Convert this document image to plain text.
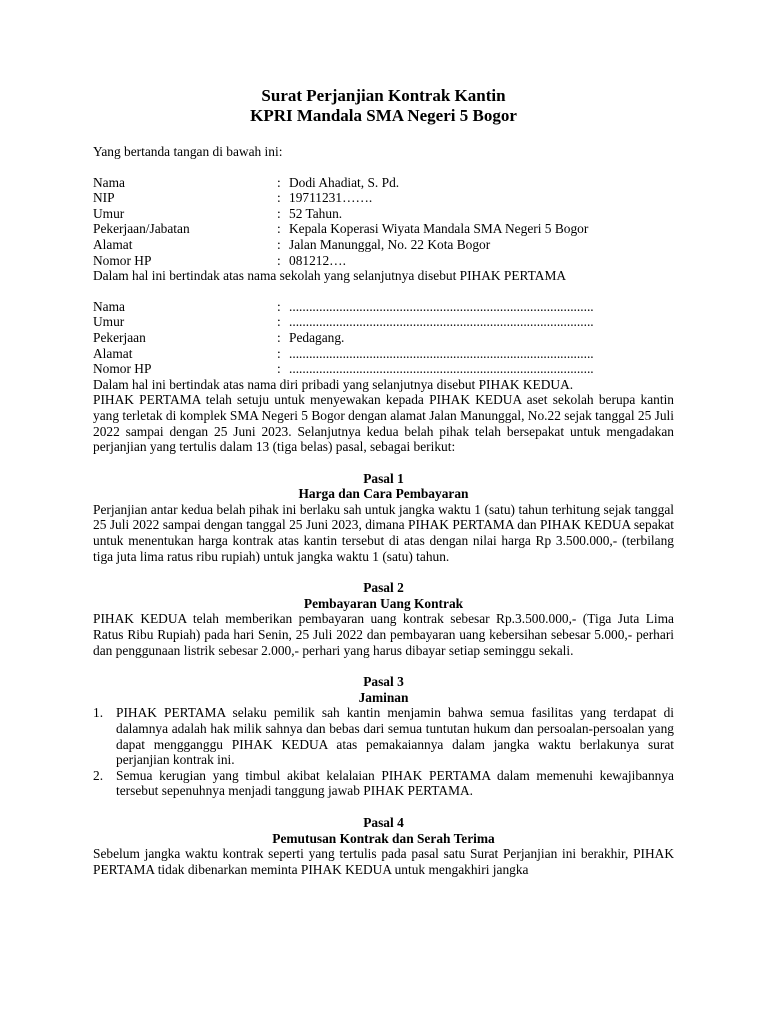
Surat Perjanjian Kontrak Kantin
KPRI Mandala SMA Negeri 5 Bogor
Yang bertanda tangan di bawah ini:
Nama	: Dodi Ahadiat, S. Pd.
NIP	: 19711231…….
Umur	: 52 Tahun.
Pekerjaan/Jabatan	: Kepala Koperasi Wiyata Mandala SMA Negeri 5 Bogor
Alamat	: Jalan Manunggal, No. 22 Kota Bogor
Nomor HP	: 081212….
Dalam hal ini bertindak atas nama sekolah yang selanjutnya disebut PIHAK PERTAMA
Nama	: ...........................................................................................
Umur	: ...........................................................................................
Pekerjaan	: Pedagang.
Alamat	: ...........................................................................................
Nomor HP	: ...........................................................................................
Dalam hal ini bertindak atas nama diri pribadi yang selanjutnya disebut PIHAK KEDUA.
PIHAK PERTAMA telah setuju untuk menyewakan kepada PIHAK KEDUA aset sekolah berupa kantin yang terletak di komplek SMA Negeri 5 Bogor dengan alamat Jalan Manunggal, No.22 sejak tanggal 25 Juli 2022 sampai dengan 25 Juni 2023. Selanjutnya kedua belah pihak telah bersepakat untuk mengadakan perjanjian yang tertulis dalam 13 (tiga belas) pasal, sebagai berikut:
Pasal 1
Harga dan Cara Pembayaran
Perjanjian antar kedua belah pihak ini berlaku sah untuk jangka waktu 1 (satu) tahun terhitung sejak tanggal 25 Juli 2022 sampai dengan tanggal 25 Juni 2023, dimana PIHAK PERTAMA dan PIHAK KEDUA sepakat untuk menentukan harga kontrak atas kantin tersebut di atas dengan nilai harga Rp 3.500.000,- (terbilang tiga juta lima ratus ribu rupiah) untuk jangka waktu 1 (satu) tahun.
Pasal 2
Pembayaran Uang Kontrak
PIHAK KEDUA telah memberikan pembayaran uang kontrak sebesar Rp.3.500.000,- (Tiga Juta Lima Ratus Ribu Rupiah) pada hari Senin, 25 Juli 2022 dan pembayaran uang kebersihan sebesar 5.000,- perhari dan penggunaan listrik sebesar 2.000,- perhari yang harus dibayar setiap seminggu sekali.
Pasal 3
Jaminan
1. PIHAK PERTAMA selaku pemilik sah kantin menjamin bahwa semua fasilitas yang terdapat di dalamnya adalah hak milik sahnya dan bebas dari semua tuntutan hukum dan persoalan-persoalan yang dapat mengganggu PIHAK KEDUA atas pemakaiannya dalam jangka waktu berlakunya surat perjanjian kontrak ini.
2. Semua kerugian yang timbul akibat kelalaian PIHAK PERTAMA dalam memenuhi kewajibannya tersebut sepenuhnya menjadi tanggung jawab PIHAK PERTAMA.
Pasal 4
Pemutusan Kontrak dan Serah Terima
Sebelum jangka waktu kontrak seperti yang tertulis pada pasal satu Surat Perjanjian ini berakhir, PIHAK PERTAMA tidak dibenarkan meminta PIHAK KEDUA untuk mengakhiri jangka
